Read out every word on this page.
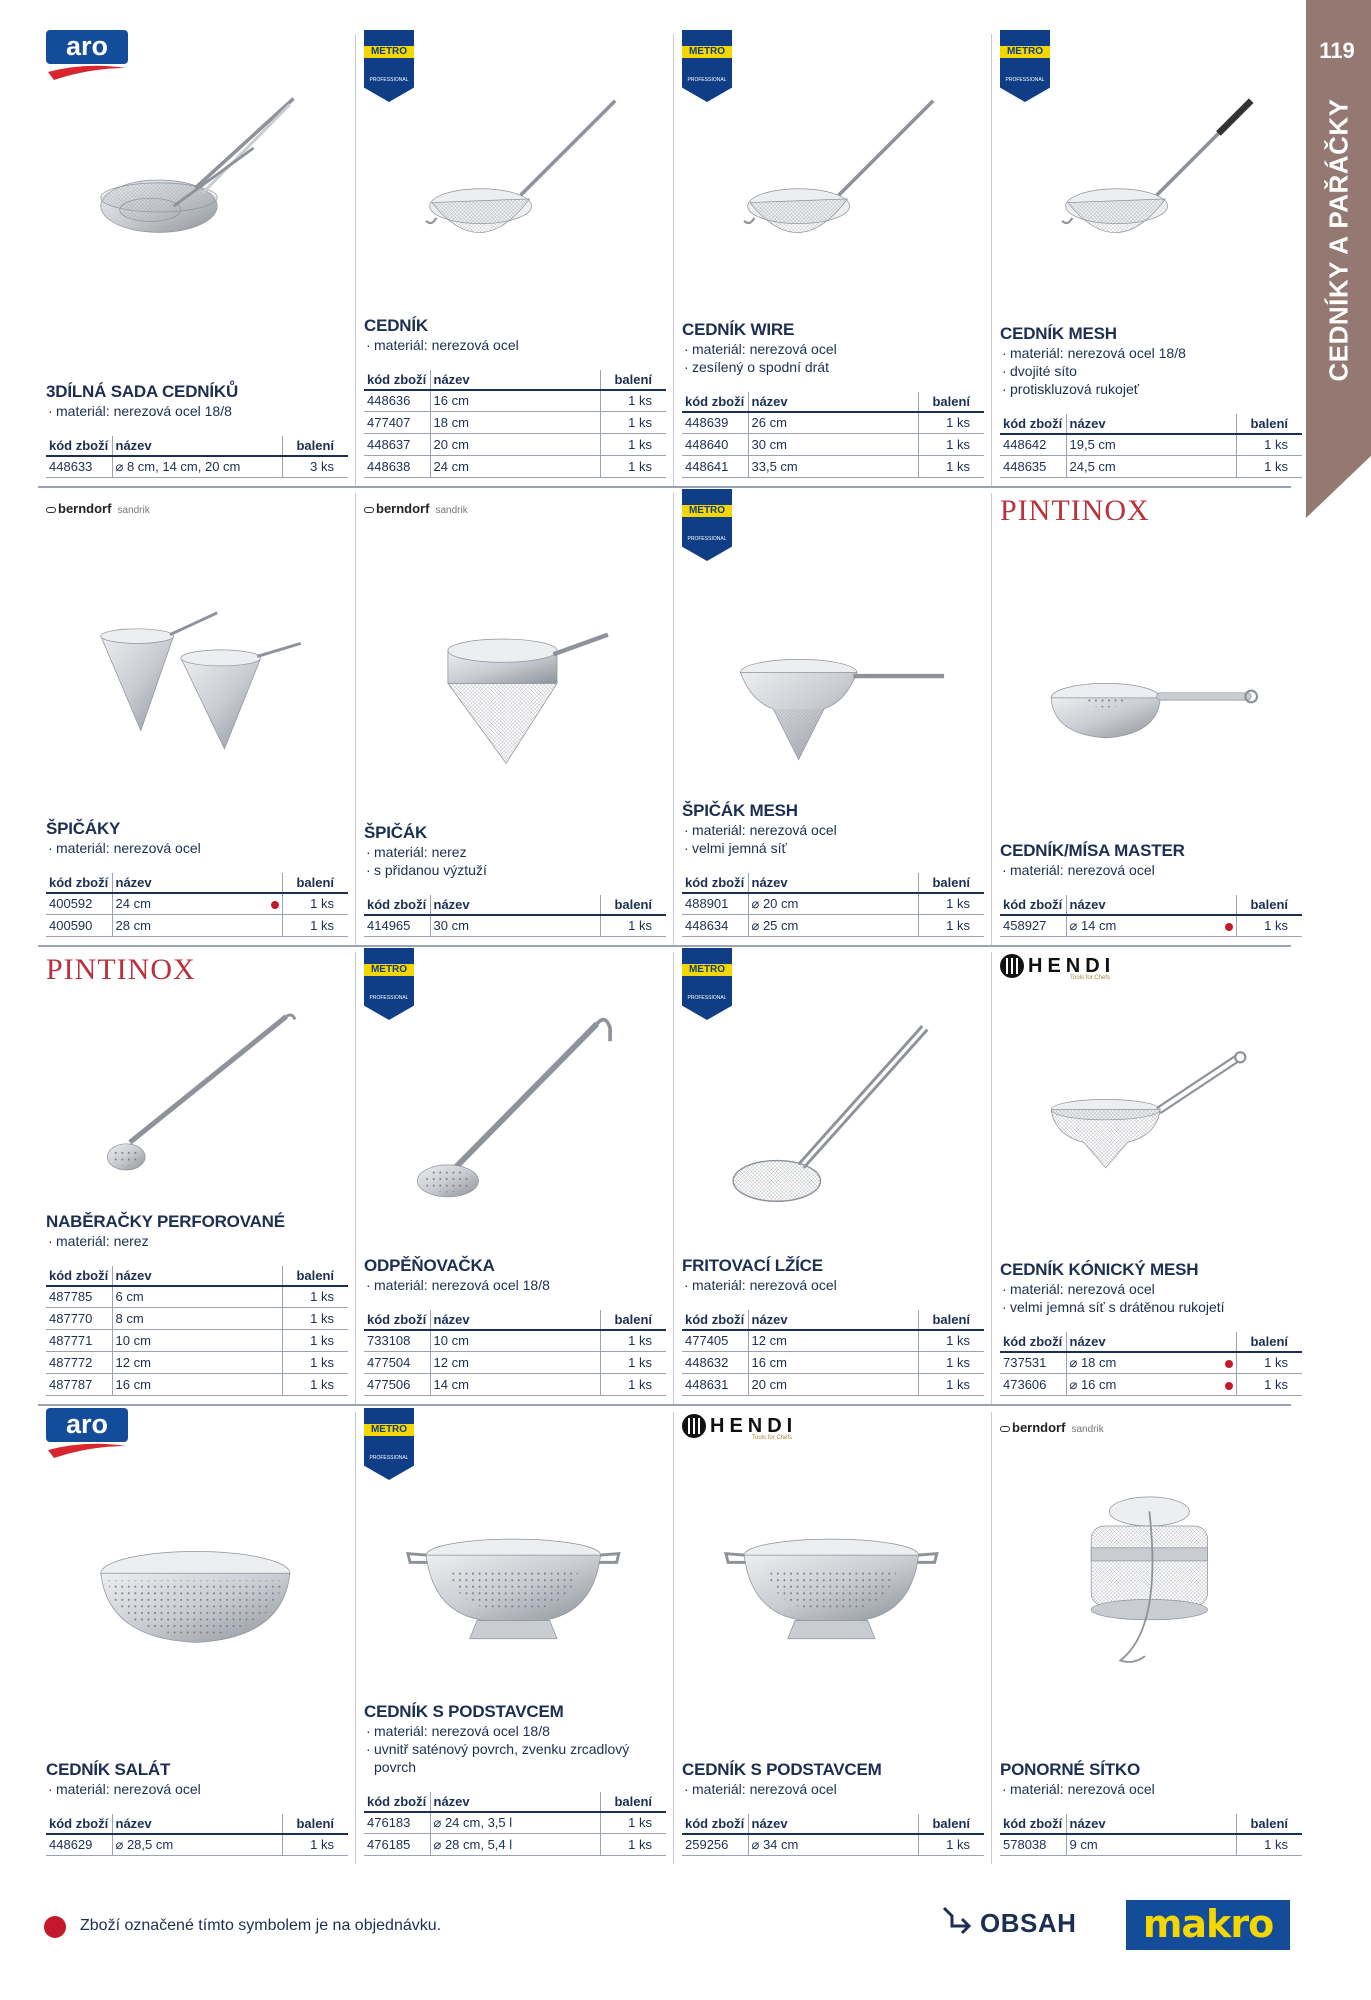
119
CEDNÍKY A PAŘÁČKY
aro
3DÍLNÁ SADA CEDNÍKŮ
· materiál: nerezová ocel 18/8
kód zboží	název	balení
448633	⌀ 8 cm, 14 cm, 20 cm	3 ks
METRO
PROFESSIONAL
CEDNÍK
· materiál: nerezová ocel
kód zboží	název	balení
448636	16 cm	1 ks
477407	18 cm	1 ks
448637	20 cm	1 ks
448638	24 cm	1 ks
METRO
PROFESSIONAL
CEDNÍK WIRE
· materiál: nerezová ocel
· zesílený o spodní drát
kód zboží	název	balení
448639	26 cm	1 ks
448640	30 cm	1 ks
448641	33,5 cm	1 ks
METRO
PROFESSIONAL
CEDNÍK MESH
· materiál: nerezová ocel 18/8
· dvojité síto
· protiskluzová rukojeť
kód zboží	název	balení
448642	19,5 cm	1 ks
448635	24,5 cm	1 ks
berndorf sandrik
ŠPIČÁKY
· materiál: nerezová ocel
kód zboží	název	balení
400592	24 cm	1 ks
400590	28 cm	1 ks
berndorf sandrik
ŠPIČÁK
· materiál: nerez
· s přidanou výztuží
kód zboží	název	balení
414965	30 cm	1 ks
METRO
PROFESSIONAL
ŠPIČÁK MESH
· materiál: nerezová ocel
· velmi jemná síť
kód zboží	název	balení
488901	⌀ 20 cm	1 ks
448634	⌀ 25 cm	1 ks
PINTINOX
CEDNÍK/MÍSA MASTER
· materiál: nerezová ocel
kód zboží	název	balení
458927	⌀ 14 cm	1 ks
PINTINOX
NABĚRAČKY PERFOROVANÉ
· materiál: nerez
kód zboží	název	balení
487785	6 cm	1 ks
487770	8 cm	1 ks
487771	10 cm	1 ks
487772	12 cm	1 ks
487787	16 cm	1 ks
METRO
PROFESSIONAL
ODPĚŇOVAČKA
· materiál: nerezová ocel 18/8
kód zboží	název	balení
733108	10 cm	1 ks
477504	12 cm	1 ks
477506	14 cm	1 ks
METRO
PROFESSIONAL
FRITOVACÍ LŽÍCE
· materiál: nerezová ocel
kód zboží	název	balení
477405	12 cm	1 ks
448632	16 cm	1 ks
448631	20 cm	1 ks
HENDI
Tools for Chefs
CEDNÍK KÓNICKÝ MESH
· materiál: nerezová ocel
· velmi jemná síť s drátěnou rukojetí
kód zboží	název	balení
737531	⌀ 18 cm	1 ks
473606	⌀ 16 cm	1 ks
aro
CEDNÍK SALÁT
· materiál: nerezová ocel
kód zboží	název	balení
448629	⌀ 28,5 cm	1 ks
METRO
PROFESSIONAL
CEDNÍK S PODSTAVCEM
· materiál: nerezová ocel 18/8
· uvnitř saténový povrch, zvenku zrcadlový povrch
kód zboží	název	balení
476183	⌀ 24 cm, 3,5 l	1 ks
476185	⌀ 28 cm, 5,4 l	1 ks
HENDI
Tools for Chefs
CEDNÍK S PODSTAVCEM
· materiál: nerezová ocel
kód zboží	název	balení
259256	⌀ 34 cm	1 ks
berndorf sandrik
PONORNÉ SÍTKO
· materiál: nerezová ocel
kód zboží	název	balení
578038	9 cm	1 ks
Zboží označené tímto symbolem je na objednávku.	OBSAH	makro
